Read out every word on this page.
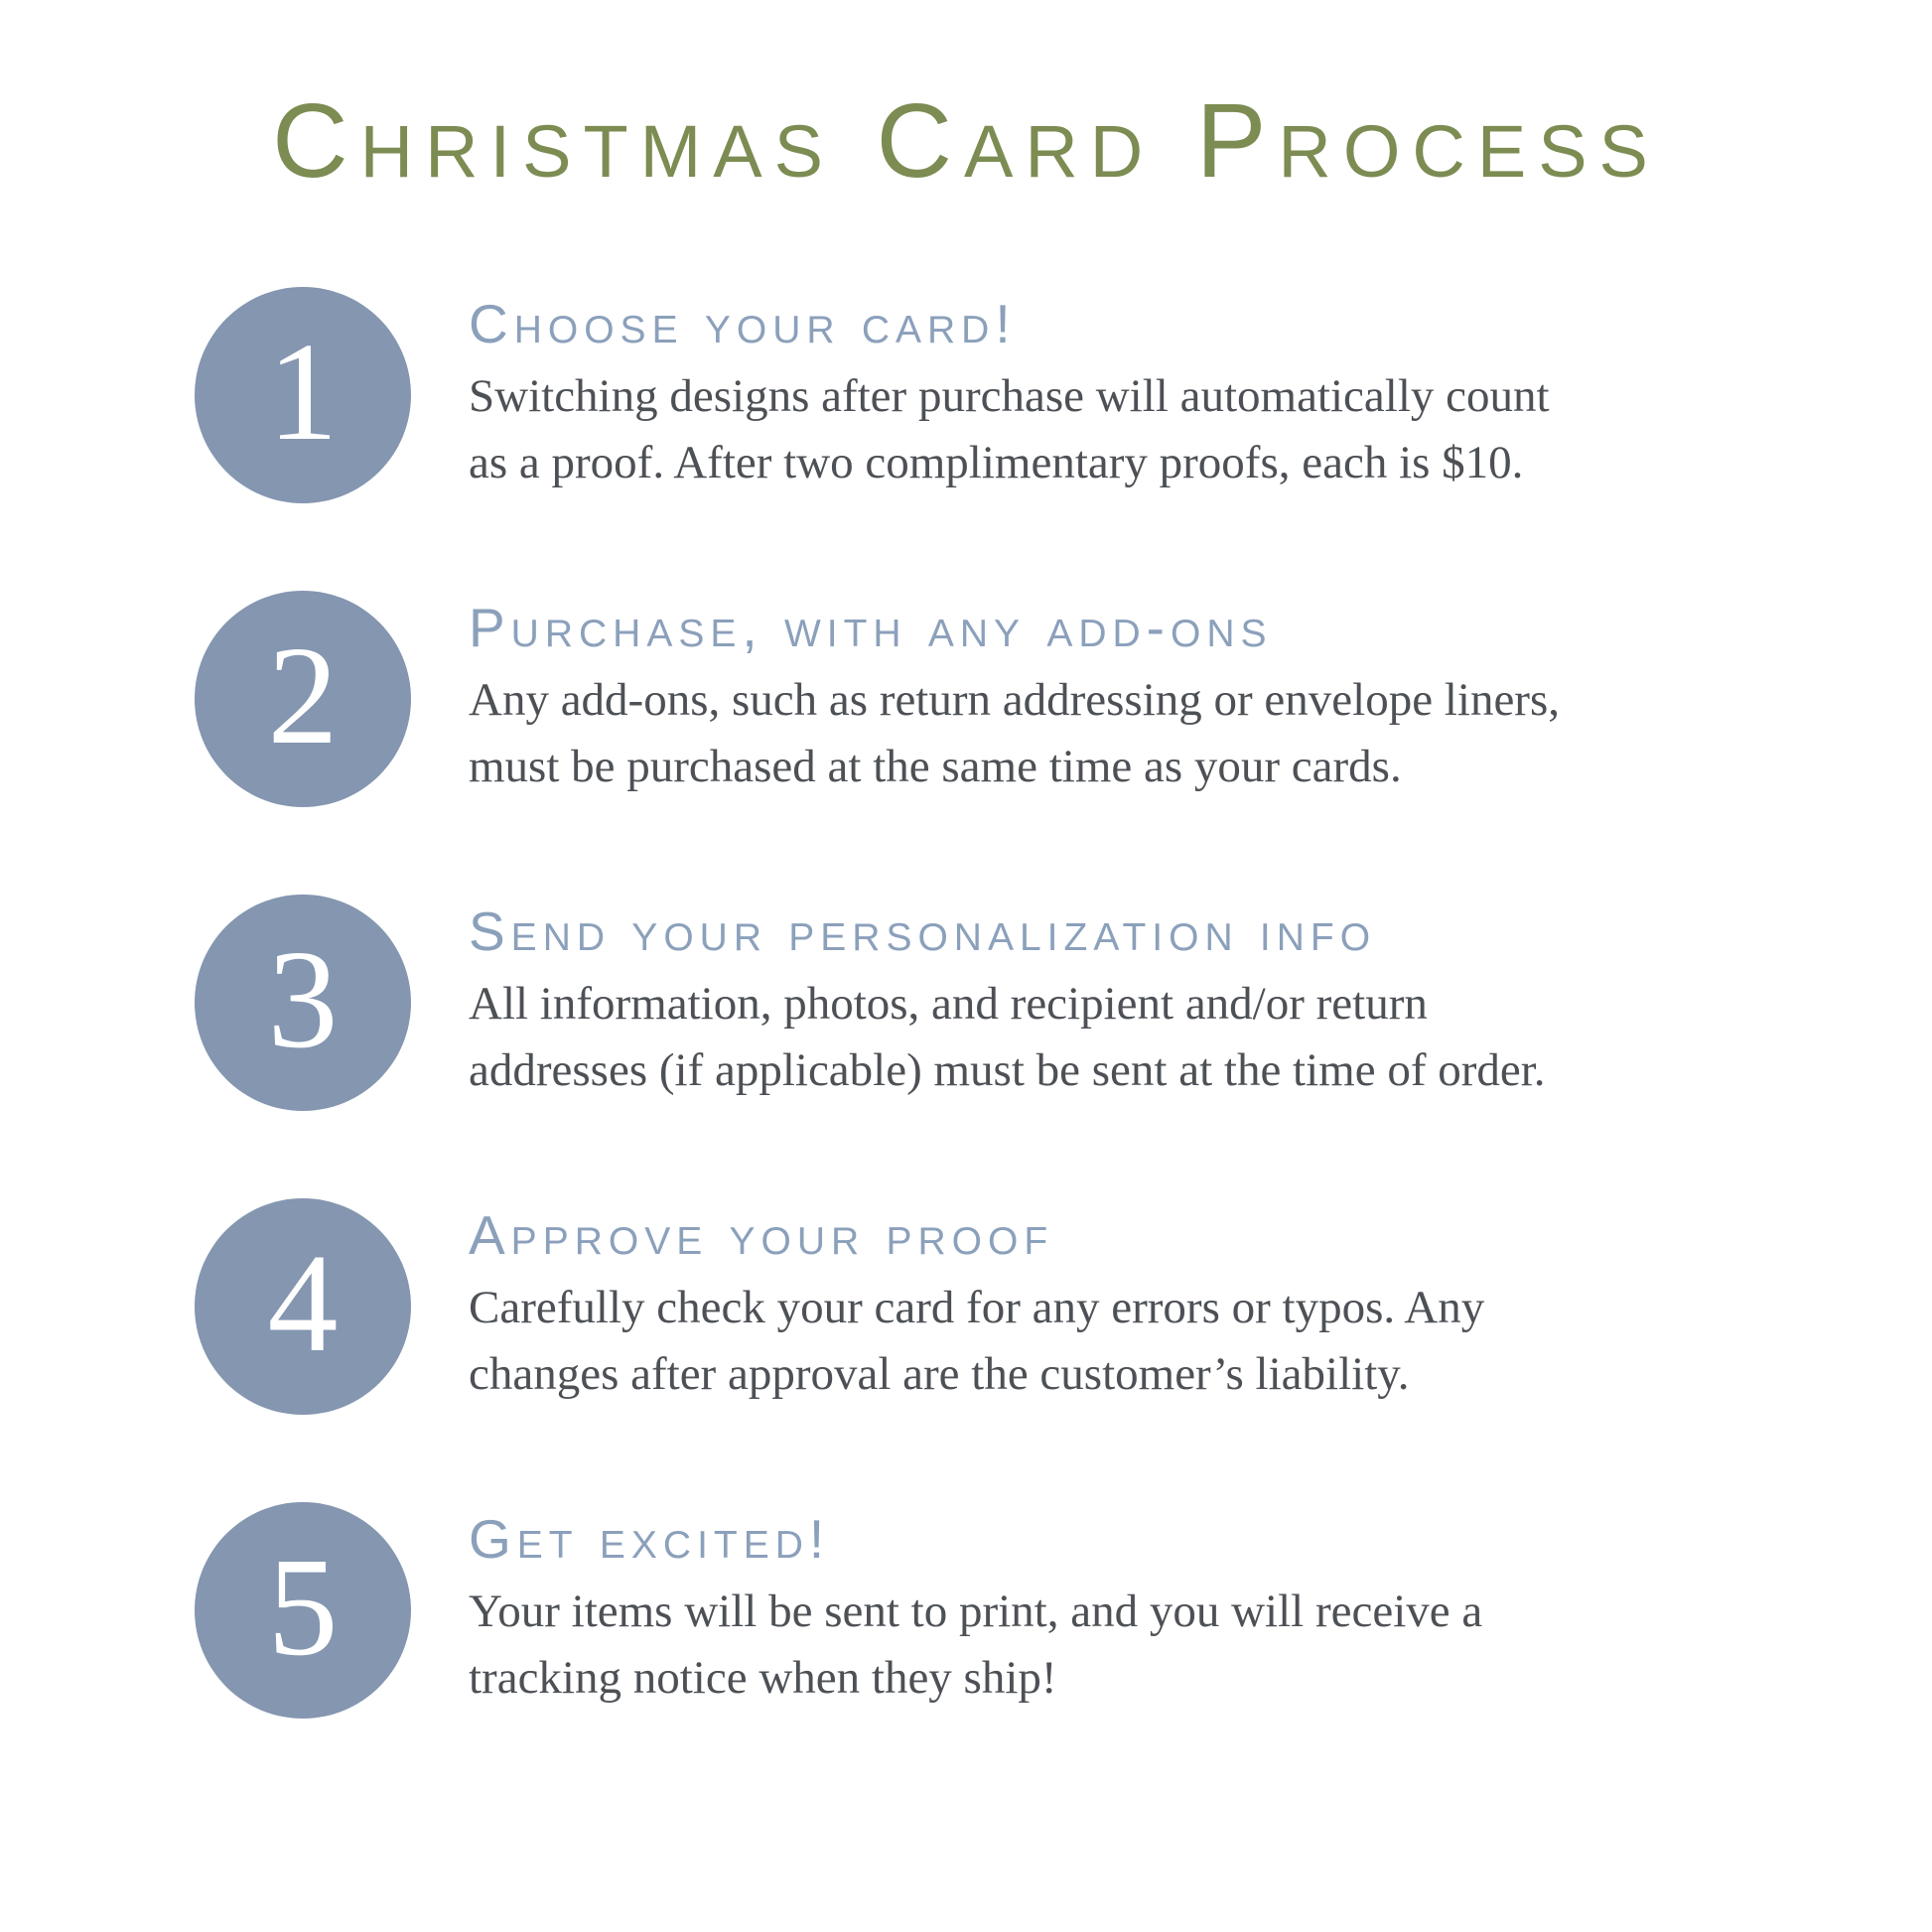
Christmas Card Process
1 Choose your card!
Switching designs after purchase will automatically count
as a proof. After two complimentary proofs, each is $10.
2 Purchase, with any add-ons
Any add-ons, such as return addressing or envelope liners,
must be purchased at the same time as your cards.
3 Send your personalization info
All information, photos, and recipient and/or return
addresses (if applicable) must be sent at the time of order.
4 Approve your proof
Carefully check your card for any errors or typos. Any
changes after approval are the customer’s liability.
5 Get excited!
Your items will be sent to print, and you will receive a
tracking notice when they ship!
